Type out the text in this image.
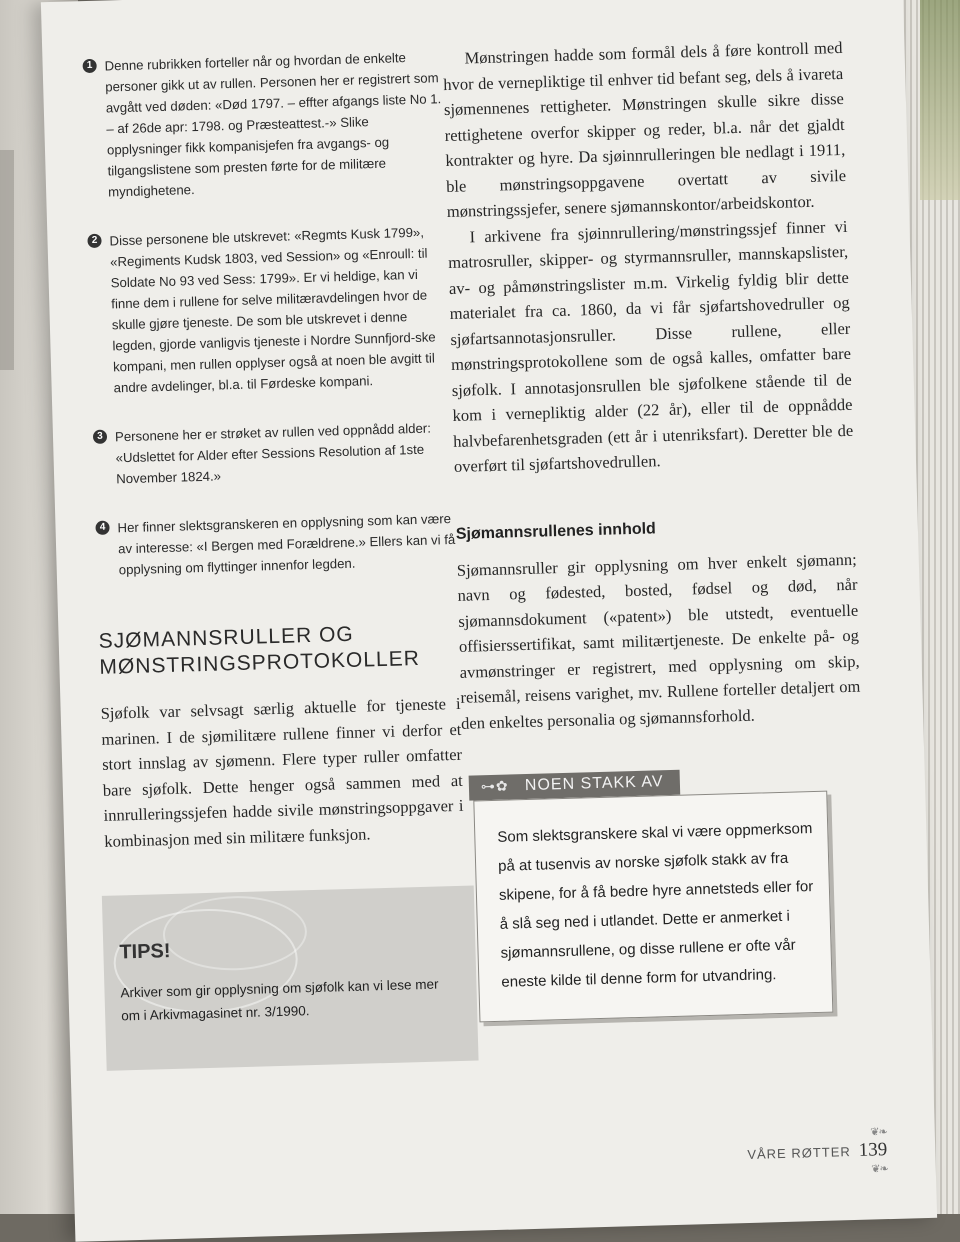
1 Denne rubrikken forteller når og hvordan de enkelte personer gikk ut av rullen. Personen her er registrert som avgått ved døden: «Død 1797. – effter afgangs liste No 1. – af 26de apr: 1798. og Præsteattest.-» Slike opplysninger fikk kompanisjefen fra avgangs- og tilgangslistene som presten førte for de militære myndighetene.
2 Disse personene ble utskrevet: «Regmts Kusk 1799», «Regiments Kudsk 1803, ved Session» og «Enroull: til Soldate No 93 ved Sess: 1799». Er vi heldige, kan vi finne dem i rullene for selve militæravdelingen hvor de skulle gjøre tjeneste. De som ble utskrevet i denne legden, gjorde vanligvis tjeneste i Nordre Sunnfjord-ske kompani, men rullen opplyser også at noen ble avgitt til andre avdelinger, bl.a. til Førdeske kompani.
3 Personene her er strøket av rullen ved oppnådd alder: «Udslettet for Alder efter Sessions Resolution af 1ste November 1824.»
4 Her finner slektsgranskeren en opplysning som kan være av interesse: «I Bergen med Forældrene.» Ellers kan vi få opplysning om flyttinger innenfor legden.
SJØMANNSRULLER OG
MØNSTRINGSPROTOKOLLER

Sjøfolk var selvsagt særlig aktuelle for tjeneste i marinen. I de sjømilitære rullene finner vi derfor et stort innslag av sjømenn. Flere typer ruller omfatter bare sjøfolk. Dette henger også sammen med at innrulleringssjefen hadde sivile mønstringsoppgaver i kombinasjon med sin militære funksjon.

TIPS!
Arkiver som gir opplysning om sjøfolk kan vi lese mer om i Arkivmagasinet nr. 3/1990.

Mønstringen hadde som formål dels å føre kontroll med hvor de vernepliktige til enhver tid befant seg, dels å ivareta sjømennenes rettigheter. Mønstringen skulle sikre disse rettighetene overfor skipper og reder, bl.a. når det gjaldt kontrakter og hyre. Da sjøinnrulleringen ble nedlagt i 1911, ble mønstringsoppgavene overtatt av sivile mønstringssjefer, senere sjømannskontor/arbeidskontor.

I arkivene fra sjøinnrullering/mønstringssjef finner vi matrosruller, skipper- og styrmannsruller, mannskapslister, av- og påmønstringslister m.m. Virkelig fyldig blir dette materialet fra ca. 1860, da vi får sjøfartshovedruller og sjøfartsannotasjonsruller. Disse rullene, eller mønstringsprotokollene som de også kalles, omfatter bare sjøfolk. I annotasjonsrullen ble sjøfolkene stående til de kom i vernepliktig alder (22 år), eller til de oppnådde halvbefarenhetsgraden (ett år i utenriksfart). Deretter ble de overført til sjøfartshovedrullen.

Sjømannsrullenes innhold

Sjømannsruller gir opplysning om hver enkelt sjømann; navn og fødested, bosted, fødsel og død, når sjømannsdokument («patent») ble utstedt, eventuelle offisierssertifikat, samt militærtjeneste. De enkelte på- og avmønstringer er registrert, med opplysning om skip, reisemål, reisens varighet, mv. Rullene forteller detaljert om den enkeltes personalia og sjømannsforhold.

⊶✿ NOEN STAKK AV
Som slektsgranskere skal vi være oppmerksom på at tusenvis av norske sjøfolk stakk av fra skipene, for å få bedre hyre annetsteds eller for å slå seg ned i utlandet. Dette er anmerket i sjømannsrullene, og disse rullene er ofte vår eneste kilde til denne form for utvandring.
❦❧
VÅRE RØTTER 139
❦❧
